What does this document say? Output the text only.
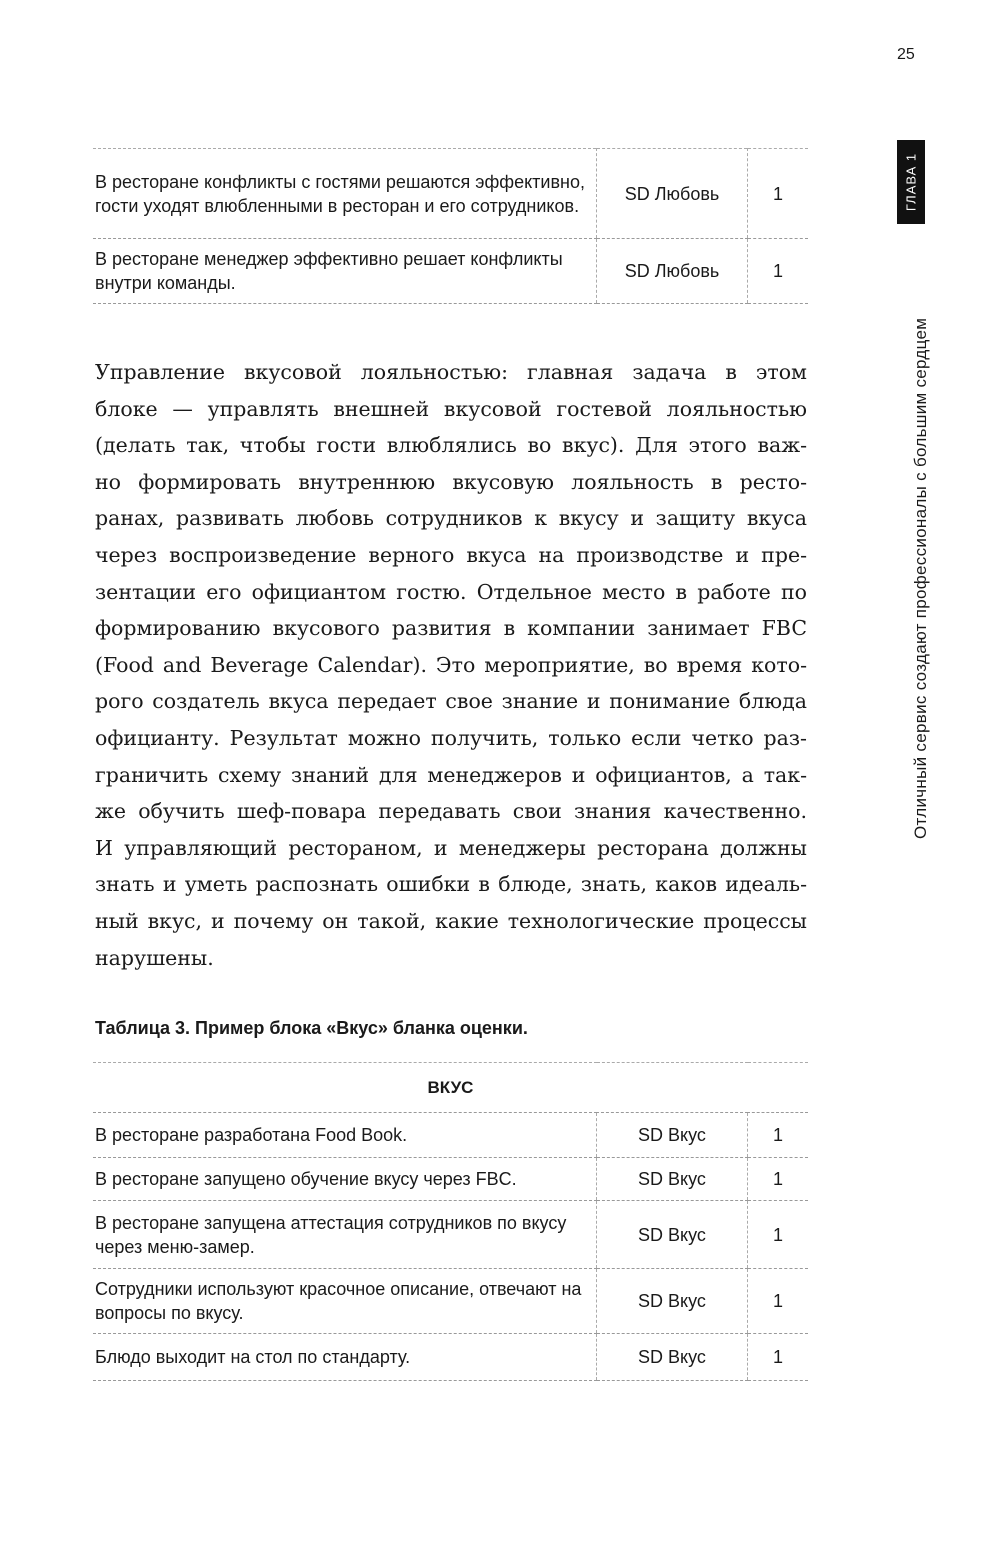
25
ГЛАВА 1
Отличный сервис создают профессионалы с большим сердцем
В ресторане конфликты с гостями решаются эффективно, гости уходят влюбленными в ресторан и его сотрудников.	SD Любовь	1
В ресторане менеджер эффективно решает конфликты внутри команды.	SD Любовь	1
Управление вкусовой лояльностью: главная задача в этом
блоке — управлять внешней вкусовой гостевой лояльностью
(делать так, чтобы гости влюблялись во вкус). Для этого важ-
но формировать внутреннюю вкусовую лояльность в ресто-
ранах, развивать любовь сотрудников к вкусу и защиту вкуса
через воспроизведение верного вкуса на производстве и пре-
зентации его официантом гостю. Отдельное место в работе по
формированию вкусового развития в компании занимает FBC
(Food and Beverage Calendar). Это мероприятие, во время кото-
рого создатель вкуса передает свое знание и понимание блюда
официанту. Результат можно получить, только если четко раз-
граничить схему знаний для менеджеров и официантов, а так-
же обучить шеф-повара передавать свои знания качественно.
И управляющий рестораном, и менеджеры ресторана должны
знать и уметь распознать ошибки в блюде, знать, каков идеаль-
ный вкус, и почему он такой, какие технологические процессы
нарушены.
Таблица 3. Пример блока «Вкус» бланка оценки.
ВКУС		
В ресторане разработана Food Book.	SD Вкус	1
В ресторане запущено обучение вкусу через FBC.	SD Вкус	1
В ресторане запущена аттестация сотрудников по вкусу через меню-замер.	SD Вкус	1
Сотрудники используют красочное описание, отвечают на вопросы по вкусу.	SD Вкус	1
Блюдо выходит на стол по стандарту.	SD Вкус	1
